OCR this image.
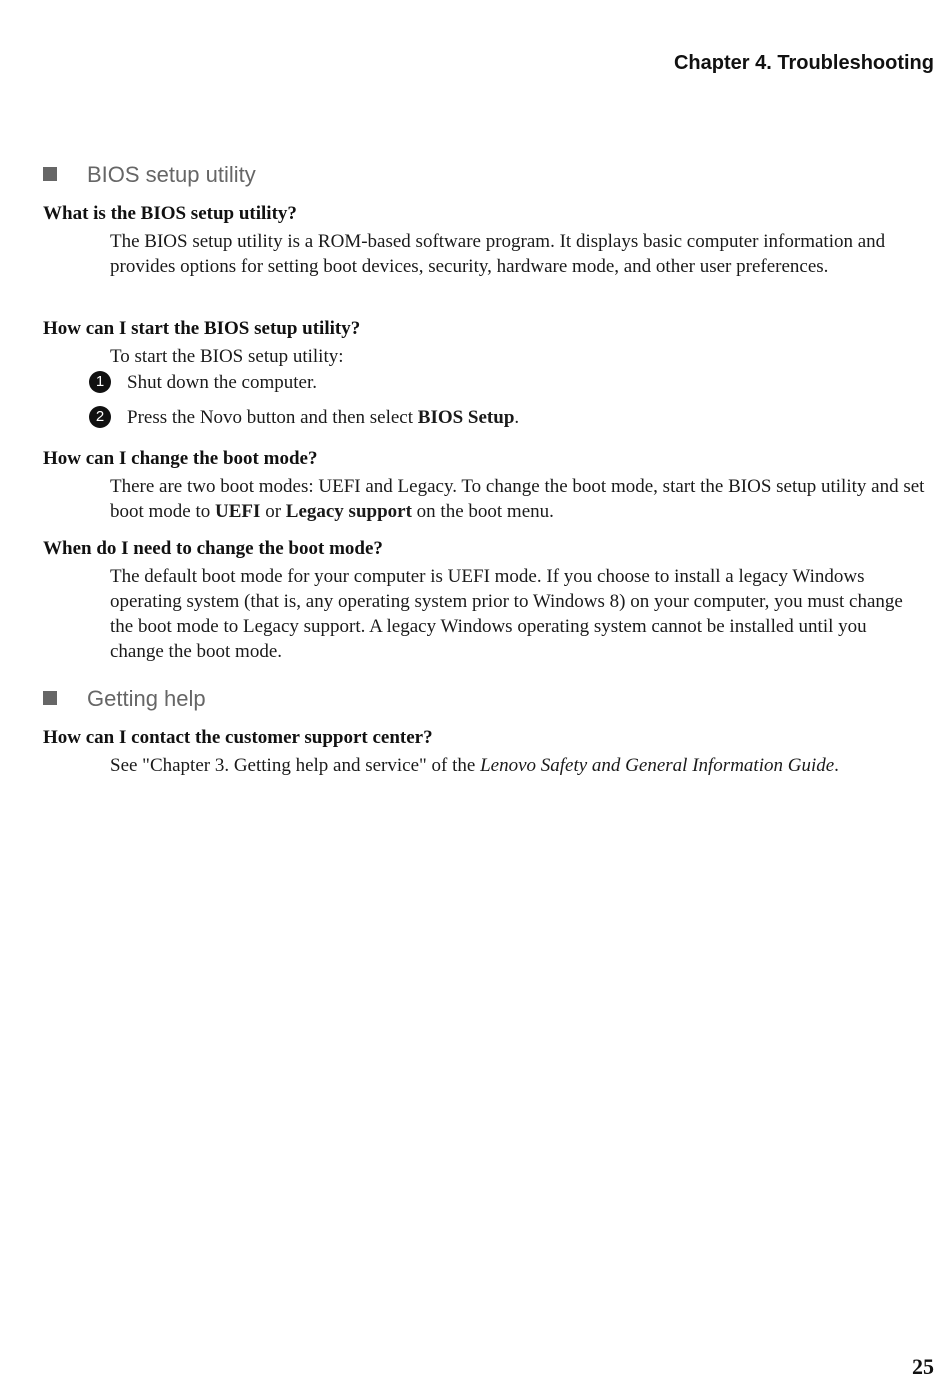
Chapter 4. Troubleshooting
BIOS setup utility
What is the BIOS setup utility?
The BIOS setup utility is a ROM-based software program. It displays basic computer information and provides options for setting boot devices, security, hardware mode, and other user preferences.
How can I start the BIOS setup utility?
To start the BIOS setup utility:
1 Shut down the computer.
2 Press the Novo button and then select BIOS Setup.
How can I change the boot mode?
There are two boot modes: UEFI and Legacy. To change the boot mode, start the BIOS setup utility and set boot mode to UEFI or Legacy support on the boot menu.
When do I need to change the boot mode?
The default boot mode for your computer is UEFI mode. If you choose to install a legacy Windows operating system (that is, any operating system prior to Windows 8) on your computer, you must change the boot mode to Legacy support. A legacy Windows operating system cannot be installed until you change the boot mode.
Getting help
How can I contact the customer support center?
See "Chapter 3. Getting help and service" of the Lenovo Safety and General Information Guide.
25
